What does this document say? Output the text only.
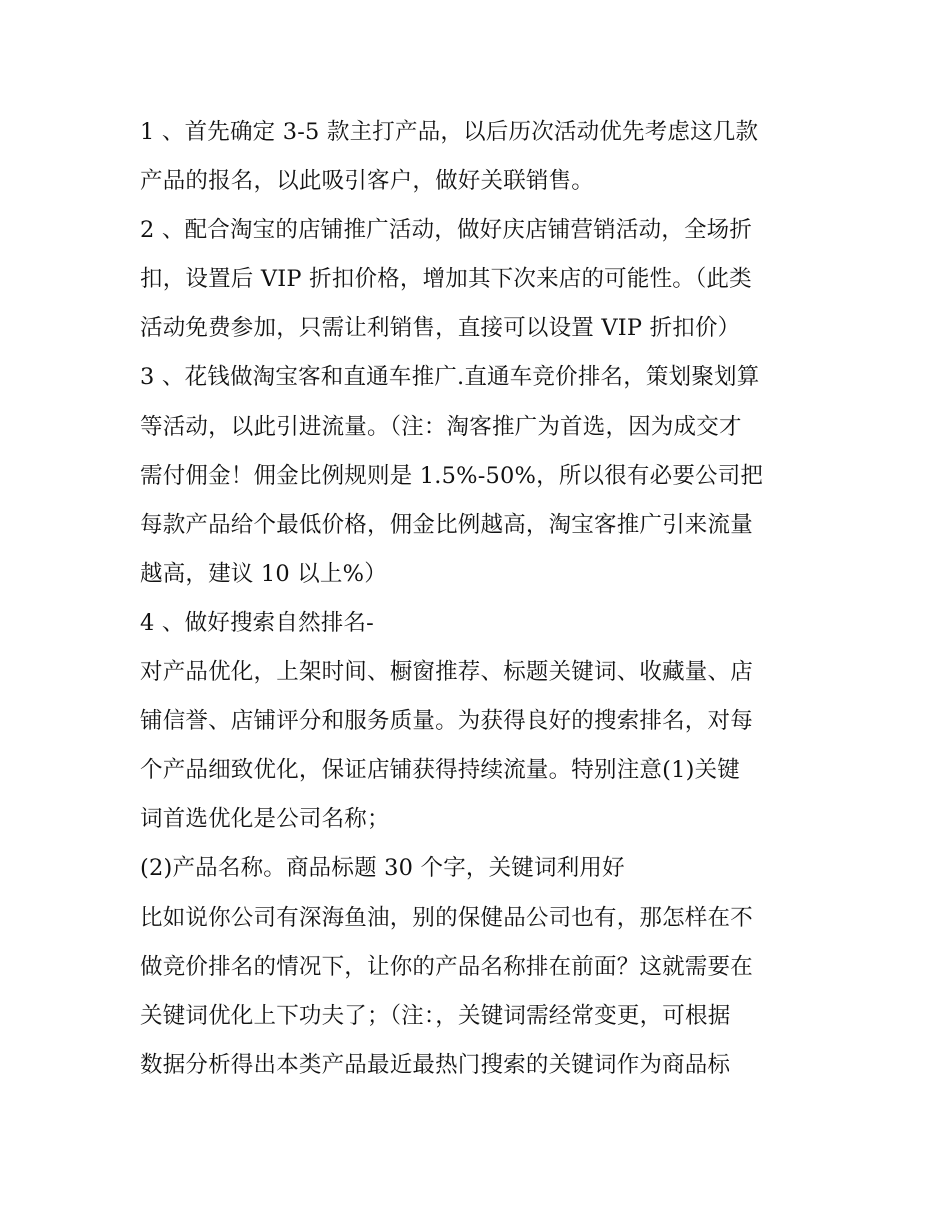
1 、首先确定 3-5 款主打产品，以后历次活动优先考虑这几款
产品的报名，以此吸引客户，做好关联销售。
2 、配合淘宝的店铺推广活动，做好庆店铺营销活动，全场折
扣，设置后 VIP 折扣价格，增加其下次来店的可能性。（此类
活动免费参加，只需让利销售，直接可以设置 VIP 折扣价）
3 、花钱做淘宝客和直通车推广.直通车竞价排名，策划聚划算
等活动，以此引进流量。（注：淘客推广为首选，因为成交才
需付佣金！佣金比例规则是 1.5%-50%，所以很有必要公司把
每款产品给个最低价格，佣金比例越高，淘宝客推广引来流量
越高，建议 10 以上%）
4 、做好搜索自然排名-
对产品优化，上架时间、橱窗推荐、标题关键词、收藏量、店
铺信誉、店铺评分和服务质量。为获得良好的搜索排名，对每
个产品细致优化，保证店铺获得持续流量。特别注意(1)关键
词首选优化是公司名称；
(2)产品名称。商品标题 30 个字，关键词利用好
比如说你公司有深海鱼油，别的保健品公司也有，那怎样在不
做竞价排名的情况下，让你的产品名称排在前面？这就需要在
关键词优化上下功夫了；（注：，关键词需经常变更，可根据
数据分析得出本类产品最近最热门搜索的关键词作为商品标
